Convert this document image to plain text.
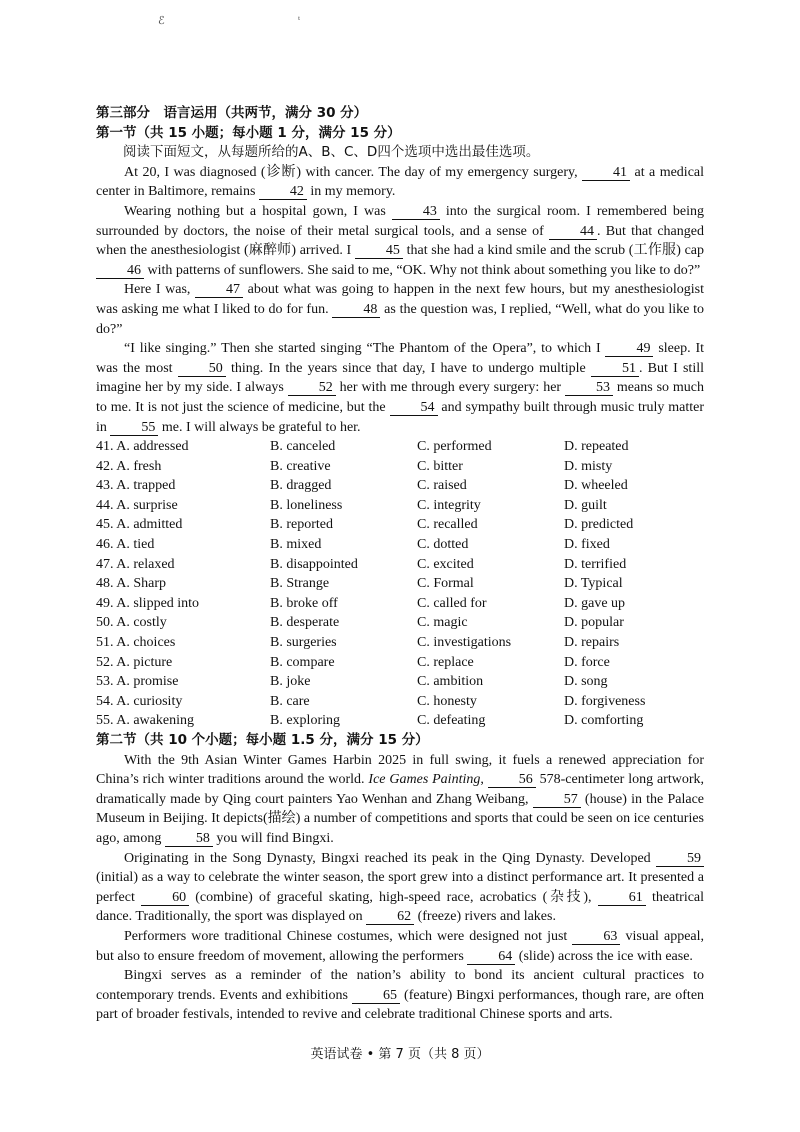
ℰ	ᵗ
第三部分　语言运用（共两节，满分 30 分）
第一节（共 15 小题；每小题 1 分，满分 15 分）

阅读下面短文，从每题所给的A、B、C、D四个选项中选出最佳选项。

At 20, I was diagnosed (诊断) with cancer. The day of my emergency surgery,	41 at a medical center in Baltimore, remains 42 in my memory.

Wearing nothing but a hospital gown, I was	43 into the surgical room. I remembered being surrounded by doctors, the noise of their metal surgical tools, and a sense of	44 . But that changed when the anesthesiologist (麻醉师) arrived. I 45 that she had a kind smile and the scrub (工作服) cap 46 with patterns of sunflowers. She said to me, “OK. Why not think about something you like to do?”

Here I was,	47 about what was going to happen in the next few hours, but my anesthesiologist was asking me what I liked to do for fun. 48 as the question was, I replied, “Well, what do you like to do?”

“I like singing.” Then she started singing “The Phantom of the Opera”, to which I	49 sleep. It was the most	50 thing. In the years since that day, I have to undergo multiple	51 . But I still imagine her by my side. I always 52 her with me through every surgery: her 53 means so much to me. It is not just the science of medicine, but the 54 and sympathy built through music truly matter in 55 me. I will always be grateful to her.

41. A. addressed	B. canceled	C. performed	D. repeated
42. A. fresh	B. creative	C. bitter	D. misty
43. A. trapped	B. dragged	C. raised	D. wheeled
44. A. surprise	B. loneliness	C. integrity	D. guilt
45. A. admitted	B. reported	C. recalled	D. predicted
46. A. tied	B. mixed	C. dotted	D. fixed
47. A. relaxed	B. disappointed	C. excited	D. terrified
48. A. Sharp	B. Strange	C. Formal	D. Typical
49. A. slipped into	B. broke off	C. called for	D. gave up
50. A. costly	B. desperate	C. magic	D. popular
51. A. choices	B. surgeries	C. investigations	D. repairs
52. A. picture	B. compare	C. replace	D. force
53. A. promise	B. joke	C. ambition	D. song
54. A. curiosity	B. care	C. honesty	D. forgiveness
55. A. awakening	B. exploring	C. defeating	D. comforting
第二节（共 10 个小题；每小题 1.5 分，满分 15 分）

With the 9th Asian Winter Games Harbin 2025 in full swing, it fuels a renewed appreciation for China’s rich winter traditions around the world. Ice Games Painting, 56 578-centimeter long artwork, dramatically made by Qing court painters Yao Wenhan and Zhang Weibang,	57 (house) in the Palace Museum in Beijing. It depicts(描绘) a number of competitions and sports that could be seen on ice centuries ago, among 58 you will find Bingxi.

Originating in the Song Dynasty, Bingxi reached its peak in the Qing Dynasty. Developed	59 (initial) as a way to celebrate the winter season, the sport grew into a distinct performance art. It presented a perfect	60 (combine) of graceful skating, high-speed race, acrobatics (杂技),	61 theatrical dance. Traditionally, the sport was displayed on 62 (freeze) rivers and lakes.

Performers wore traditional Chinese costumes, which were designed not just	63 visual appeal, but also to ensure freedom of movement, allowing the performers 64 (slide) across the ice with ease.

Bingxi serves as a reminder of the nation’s ability to bond its ancient cultural practices to contemporary trends. Events and exhibitions	65 (feature) Bingxi performances, though rare, are often part of broader festivals, intended to revive and celebrate traditional Chinese sports and arts.

英语试卷 • 第 7 页（共 8 页）
